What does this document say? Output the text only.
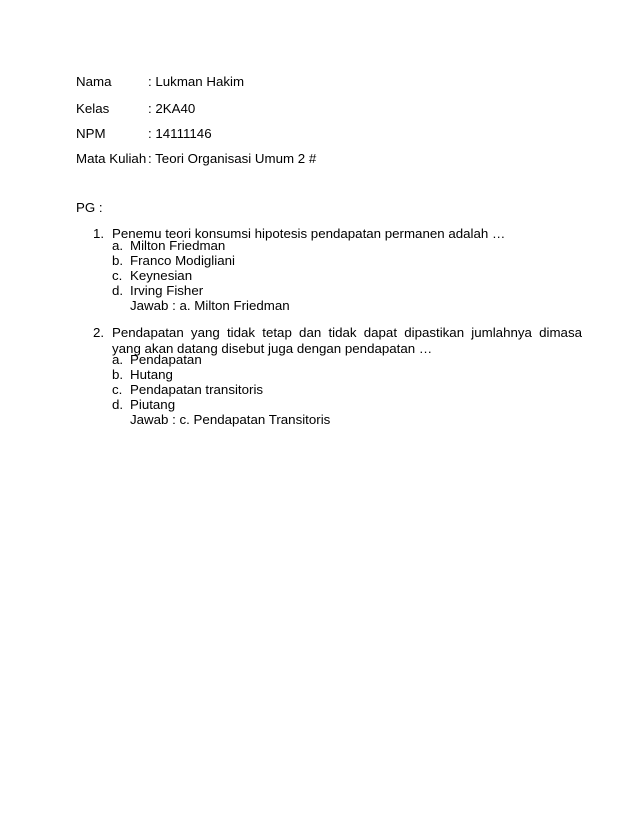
Nama	: Lukman Hakim
Kelas	: 2KA40
NPM	: 14111146
Mata Kuliah : Teori Organisasi Umum 2 #
PG :
1. Penemu teori konsumsi hipotesis pendapatan permanen adalah …
a. Milton Friedman
b. Franco Modigliani
c. Keynesian
d. Irving Fisher
Jawab : a. Milton Friedman
2. Pendapatan yang tidak tetap dan tidak dapat dipastikan jumlahnya dimasa yang akan datang disebut juga dengan pendapatan …
a. Pendapatan
b. Hutang
c. Pendapatan transitoris
d. Piutang
Jawab : c. Pendapatan Transitoris
